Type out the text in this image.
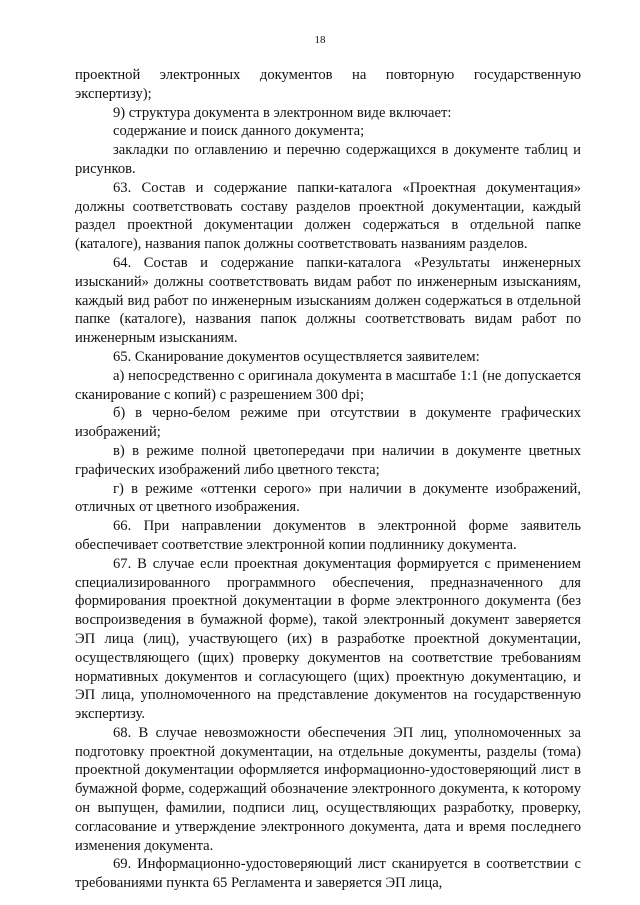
18

проектной электронных документов на повторную государственную экспертизу);

9) структура документа в электронном виде включает:

содержание и поиск данного документа;

закладки по оглавлению и перечню содержащихся в документе таблиц и рисунков.

63. Состав и содержание папки-каталога «Проектная документация» должны соответствовать составу разделов проектной документации, каждый раздел проектной документации должен содержаться в отдельной папке (каталоге), названия папок должны соответствовать названиям разделов.

64. Состав и содержание папки-каталога «Результаты инженерных изысканий» должны соответствовать видам работ по инженерным изысканиям, каждый вид работ по инженерным изысканиям должен содержаться в отдельной папке (каталоге), названия папок должны соответствовать видам работ по инженерным изысканиям.

65. Сканирование документов осуществляется заявителем:

а) непосредственно с оригинала документа в масштабе 1:1 (не допускается сканирование с копий) с разрешением 300 dpi;

б) в черно-белом режиме при отсутствии в документе графических изображений;

в) в режиме полной цветопередачи при наличии в документе цветных графических изображений либо цветного текста;

г) в режиме «оттенки серого» при наличии в документе изображений, отличных от цветного изображения.

66. При направлении документов в электронной форме заявитель обеспечивает соответствие электронной копии подлиннику документа.

67. В случае если проектная документация формируется с применением специализированного программного обеспечения, предназначенного для формирования проектной документации в форме электронного документа (без воспроизведения в бумажной форме), такой электронный документ заверяется ЭП лица (лиц), участвующего (их) в разработке проектной документации, осуществляющего (щих) проверку документов на соответствие требованиям нормативных документов и согласующего (щих) проектную документацию, и ЭП лица, уполномоченного на представление документов на государственную экспертизу.

68. В случае невозможности обеспечения ЭП лиц, уполномоченных за подготовку проектной документации, на отдельные документы, разделы (тома) проектной документации оформляется информационно-удостоверяющий лист в бумажной форме, содержащий обозначение электронного документа, к которому он выпущен, фамилии, подписи лиц, осуществляющих разработку, проверку, согласование и утверждение электронного документа, дата и время последнего изменения документа.

69. Информационно-удостоверяющий лист сканируется в соответствии с требованиями пункта 65 Регламента и заверяется ЭП лица,
